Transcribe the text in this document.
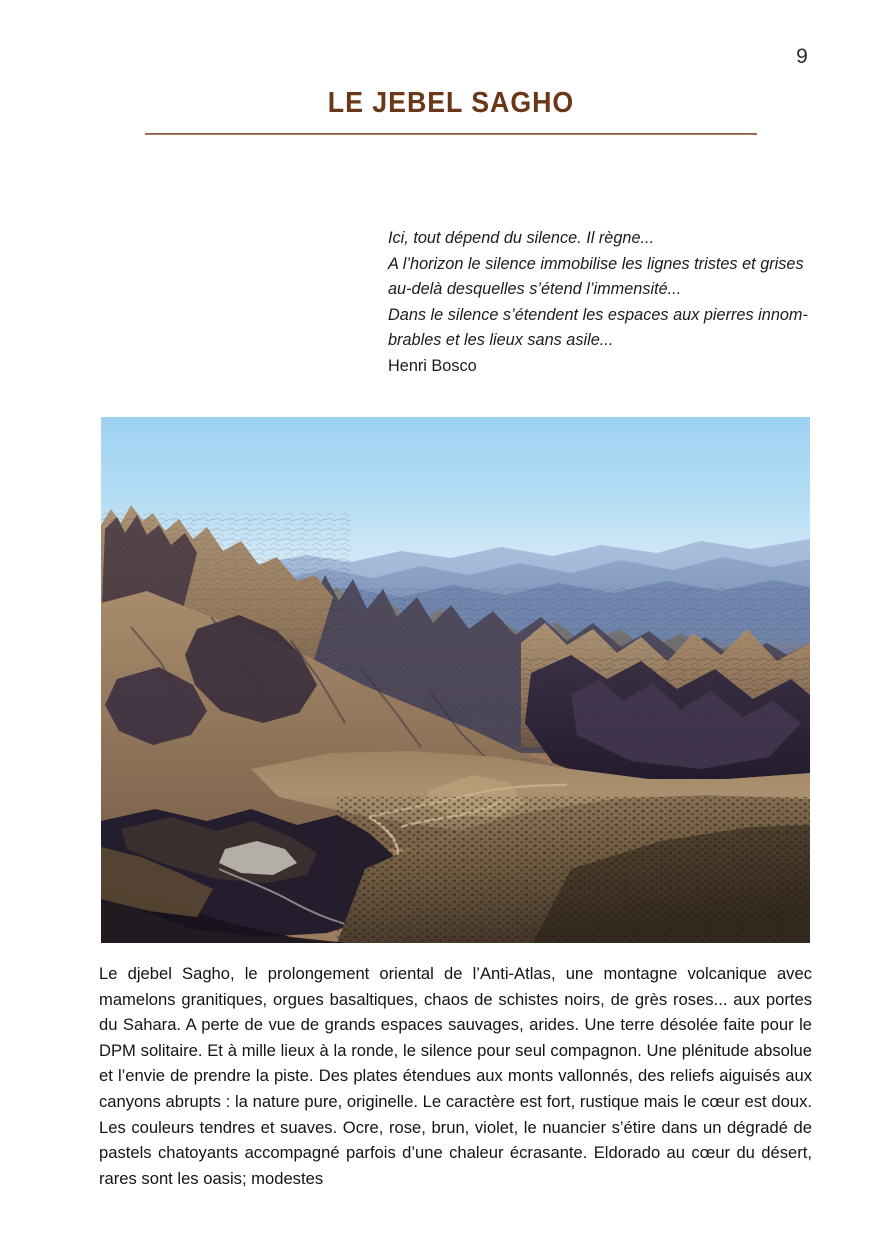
9
LE JEBEL SAGHO
Ici, tout dépend du silence. Il règne...
A l’horizon le silence immobilise les lignes tristes et grises
au-delà desquelles s’étend l’immensité...
Dans le silence s’étendent les espaces aux pierres innom-
brables et les lieux sans asile...
Henri Bosco

Le djebel Sagho, le prolongement oriental de l’Anti-Atlas, une montagne volcanique avec mamelons granitiques, orgues basaltiques, chaos de schistes noirs, de grès roses... aux portes du Sahara. A perte de vue de grands espaces sauvages, arides. Une terre désolée faite pour le DPM solitaire. Et à mille lieux à la ronde, le silence pour seul compagnon. Une plénitude absolue et l’envie de prendre la piste. Des plates étendues aux monts vallonnés, des reliefs aiguisés aux canyons abrupts : la nature pure, originelle. Le caractère est fort, rustique mais le cœur est doux. Les couleurs tendres et suaves. Ocre, rose, brun, violet, le nuancier s’étire dans un dégradé de pastels chatoyants accompagné parfois d’une chaleur écrasante. Eldorado au cœur du désert, rares sont les oasis; modestes
